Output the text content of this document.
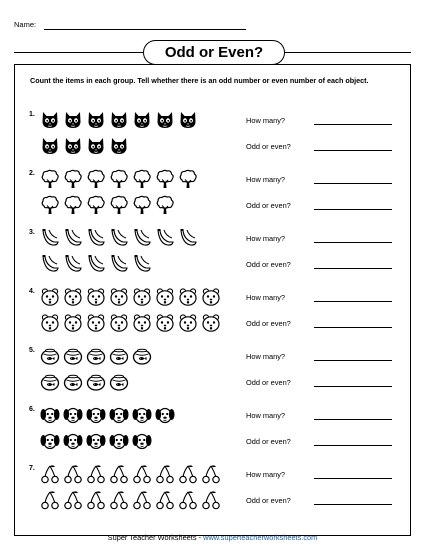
Name:
Odd or Even?
Count the items in each group. Tell whether there is an odd number or even number of each object.
1.
How many?
Odd or even?
2.
How many?
Odd or even?
3.
How many?
Odd or even?
4.
How many?
Odd or even?
5.
How many?
Odd or even?
6.
How many?
Odd or even?
7.
How many?
Odd or even?
Super Teacher Worksheets - www.superteacherworksheets.com
